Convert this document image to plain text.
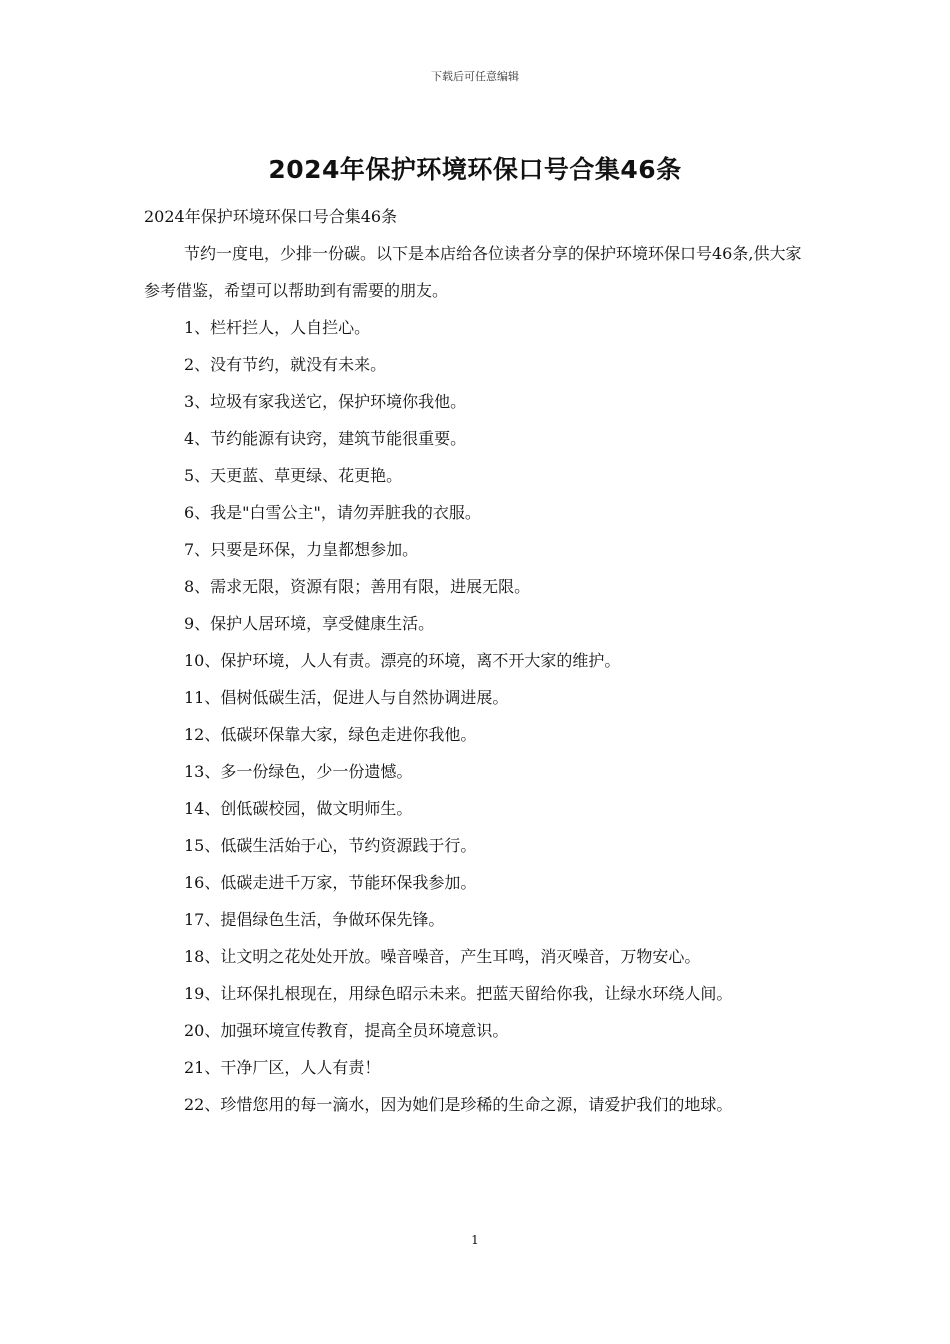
下载后可任意编辑
2024年保护环境环保口号合集46条

2024年保护环境环保口号合集46条

节约一度电，少排一份碳。以下是本店给各位读者分享的保护环境环保口号46条,供大家参考借鉴，希望可以帮助到有需要的朋友。

1、栏杆拦人，人自拦心。

2、没有节约，就没有未来。

3、垃圾有家我送它，保护环境你我他。

4、节约能源有诀窍，建筑节能很重要。

5、天更蓝、草更绿、花更艳。

6、我是"白雪公主"，请勿弄脏我的衣服。

7、只要是环保，力皇都想参加。

8、需求无限，资源有限；善用有限，进展无限。

9、保护人居环境，享受健康生活。

10、保护环境，人人有责。漂亮的环境，离不开大家的维护。

11、倡树低碳生活，促进人与自然协调进展。

12、低碳环保靠大家，绿色走进你我他。

13、多一份绿色，少一份遗憾。

14、创低碳校园，做文明师生。

15、低碳生活始于心，节约资源践于行。

16、低碳走进千万家，节能环保我参加。

17、提倡绿色生活，争做环保先锋。

18、让文明之花处处开放。噪音噪音，产生耳鸣，消灭噪音，万物安心。

19、让环保扎根现在，用绿色昭示未来。把蓝天留给你我，让绿水环绕人间。

20、加强环境宣传教育，提高全员环境意识。

21、干净厂区，人人有责！

22、珍惜您用的每一滴水，因为她们是珍稀的生命之源，请爱护我们的地球。

1
